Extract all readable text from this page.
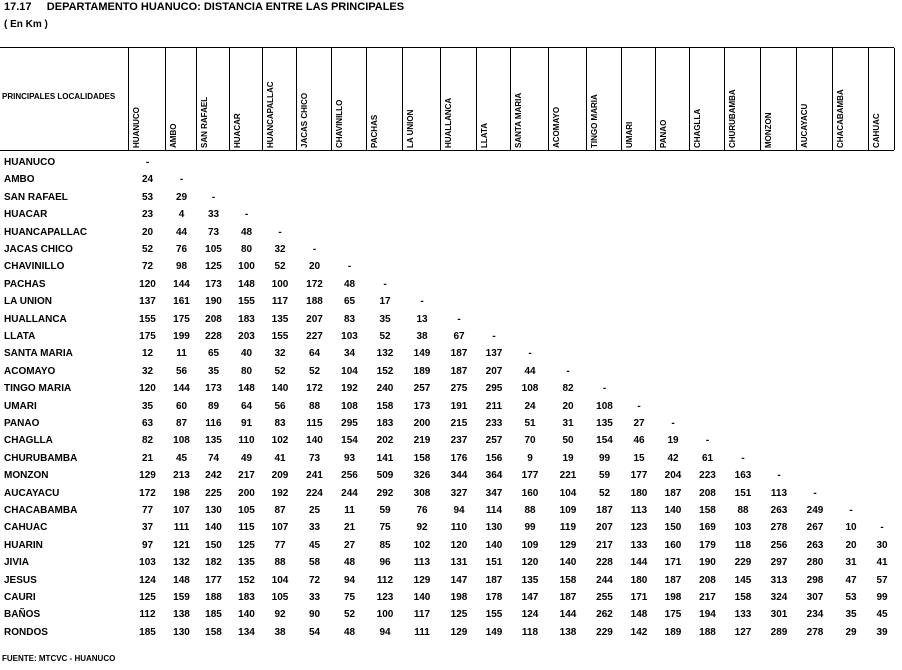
17.17     DEPARTAMENTO HUANUCO: DISTANCIA ENTRE LAS PRINCIPALES
( En Km )
PRINCIPALES LOCALIDADES
HUANUCO	AMBO	SAN RAFAEL	HUACAR	HUANCAPALLAC	JACAS CHICO	CHAVINILLO	PACHAS	LA UNION	HUALLANCA	LLATA	SANTA MARIA	ACOMAYO	TINGO MARIA	UMARI	PANAO	CHAGLLA	CHURUBAMBA	MONZON	AUCAYACU	CHACABAMBA	CAHUAC
HUANUCO	-
AMBO	24	-
SAN RAFAEL	53	29	-
HUACAR	23	4	33	-
HUANCAPALLAC	20	44	73	48	-
JACAS CHICO	52	76	105	80	32	-
CHAVINILLO	72	98	125	100	52	20	-
PACHAS	120	144	173	148	100	172	48	-
LA UNION	137	161	190	155	117	188	65	17	-
HUALLANCA	155	175	208	183	135	207	83	35	13	-
LLATA	175	199	228	203	155	227	103	52	38	67	-
SANTA MARIA	12	11	65	40	32	64	34	132	149	187	137	-
ACOMAYO	32	56	35	80	52	52	104	152	189	187	207	44	-
TINGO MARIA	120	144	173	148	140	172	192	240	257	275	295	108	82	-
UMARI	35	60	89	64	56	88	108	158	173	191	211	24	20	108	-
PANAO	63	87	116	91	83	115	295	183	200	215	233	51	31	135	27	-
CHAGLLA	82	108	135	110	102	140	154	202	219	237	257	70	50	154	46	19	-
CHURUBAMBA	21	45	74	49	41	73	93	141	158	176	156	9	19	99	15	42	61	-
MONZON	129	213	242	217	209	241	256	509	326	344	364	177	221	59	177	204	223	163	-
AUCAYACU	172	198	225	200	192	224	244	292	308	327	347	160	104	52	180	187	208	151	113	-
CHACABAMBA	77	107	130	105	87	25	11	59	76	94	114	88	109	187	113	140	158	88	263	249	-
CAHUAC	37	111	140	115	107	33	21	75	92	110	130	99	119	207	123	150	169	103	278	267	10	-
HUARIN	97	121	150	125	77	45	27	85	102	120	140	109	129	217	133	160	179	118	256	263	20	30
JIVIA	103	132	182	135	88	58	48	96	113	131	151	120	140	228	144	171	190	229	297	280	31	41
JESUS	124	148	177	152	104	72	94	112	129	147	187	135	158	244	180	187	208	145	313	298	47	57
CAURI	125	159	188	183	105	33	75	123	140	198	178	147	187	255	171	198	217	158	324	307	53	99
BAÑOS	112	138	185	140	92	90	52	100	117	125	155	124	144	262	148	175	194	133	301	234	35	45
RONDOS	185	130	158	134	38	54	48	94	111	129	149	118	138	229	142	189	188	127	289	278	29	39
FUENTE: MTCVC - HUANUCO
